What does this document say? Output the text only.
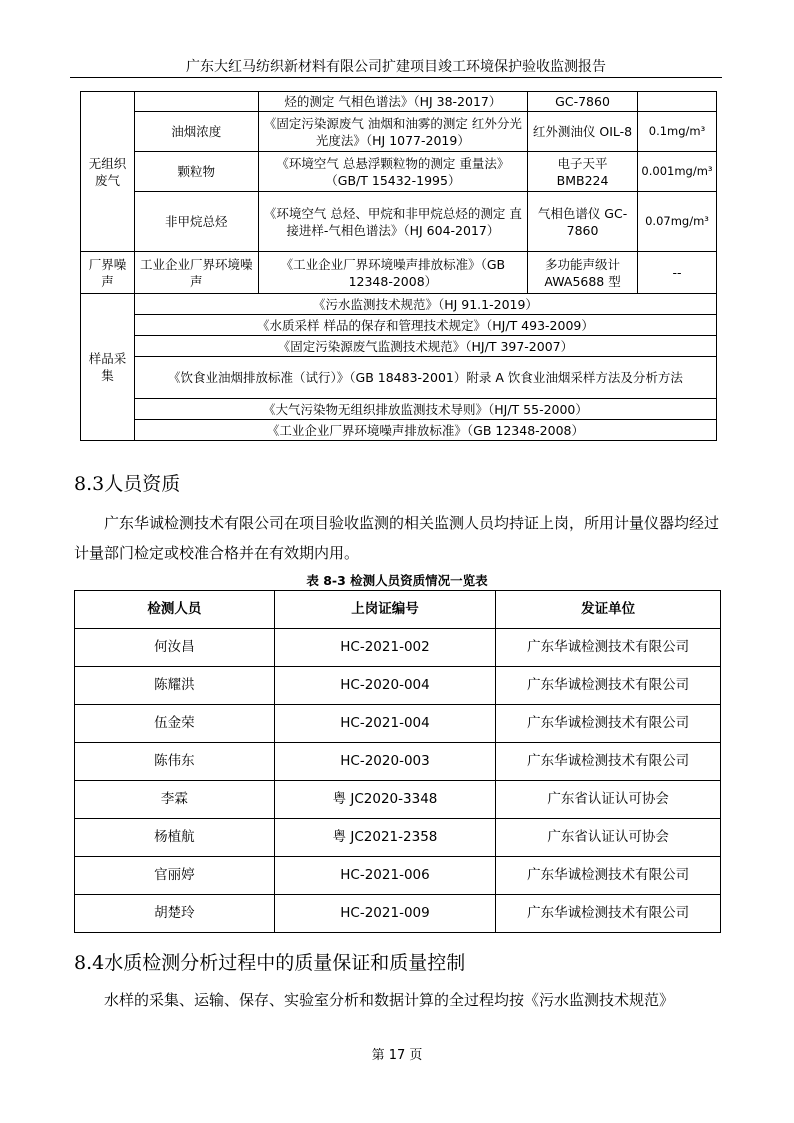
广东大红马纺织新材料有限公司扩建项目竣工环境保护验收监测报告
无组织废气		烃的测定 气相色谱法》（HJ 38-2017）	GC-7860	
	油烟浓度	《固定污染源废气 油烟和油雾的测定 红外分光光度法》（HJ 1077-2019）	红外测油仪 OIL-8	0.1mg/m³
	颗粒物	《环境空气 总悬浮颗粒物的测定 重量法》（GB/T 15432-1995）	电子天平 BMB224	0.001mg/m³
	非甲烷总烃	《环境空气 总烃、甲烷和非甲烷总烃的测定 直接进样-气相色谱法》（HJ 604-2017）	气相色谱仪 GC-7860	0.07mg/m³
厂界噪声	工业企业厂界环境噪声	《工业企业厂界环境噪声排放标准》（GB 12348-2008）	多功能声级计 AWA5688 型	--
样品采集	《污水监测技术规范》（HJ 91.1-2019）			
	《水质采样 样品的保存和管理技术规定》（HJ/T 493-2009）			
	《固定污染源废气监测技术规范》（HJ/T 397-2007）			
	《饮食业油烟排放标准（试行）》（GB 18483-2001）附录 A 饮食业油烟采样方法及分析方法			
	《大气污染物无组织排放监测技术导则》（HJ/T 55-2000）			
	《工业企业厂界环境噪声排放标准》（GB 12348-2008）			
8.3人员资质
广东华诚检测技术有限公司在项目验收监测的相关监测人员均持证上岗，所用计量仪器均经过计量部门检定或校准合格并在有效期内用。
表 8-3 检测人员资质情况一览表
检测人员	上岗证编号	发证单位
何汝昌	HC-2021-002	广东华诚检测技术有限公司
陈耀洪	HC-2020-004	广东华诚检测技术有限公司
伍金荣	HC-2021-004	广东华诚检测技术有限公司
陈伟东	HC-2020-003	广东华诚检测技术有限公司
李霖	粤 JC2020-3348	广东省认证认可协会
杨植航	粤 JC2021-2358	广东省认证认可协会
官丽婷	HC-2021-006	广东华诚检测技术有限公司
胡楚玲	HC-2021-009	广东华诚检测技术有限公司
8.4水质检测分析过程中的质量保证和质量控制
水样的采集、运输、保存、实验室分析和数据计算的全过程均按《污水监测技术规范》
第 17 页
